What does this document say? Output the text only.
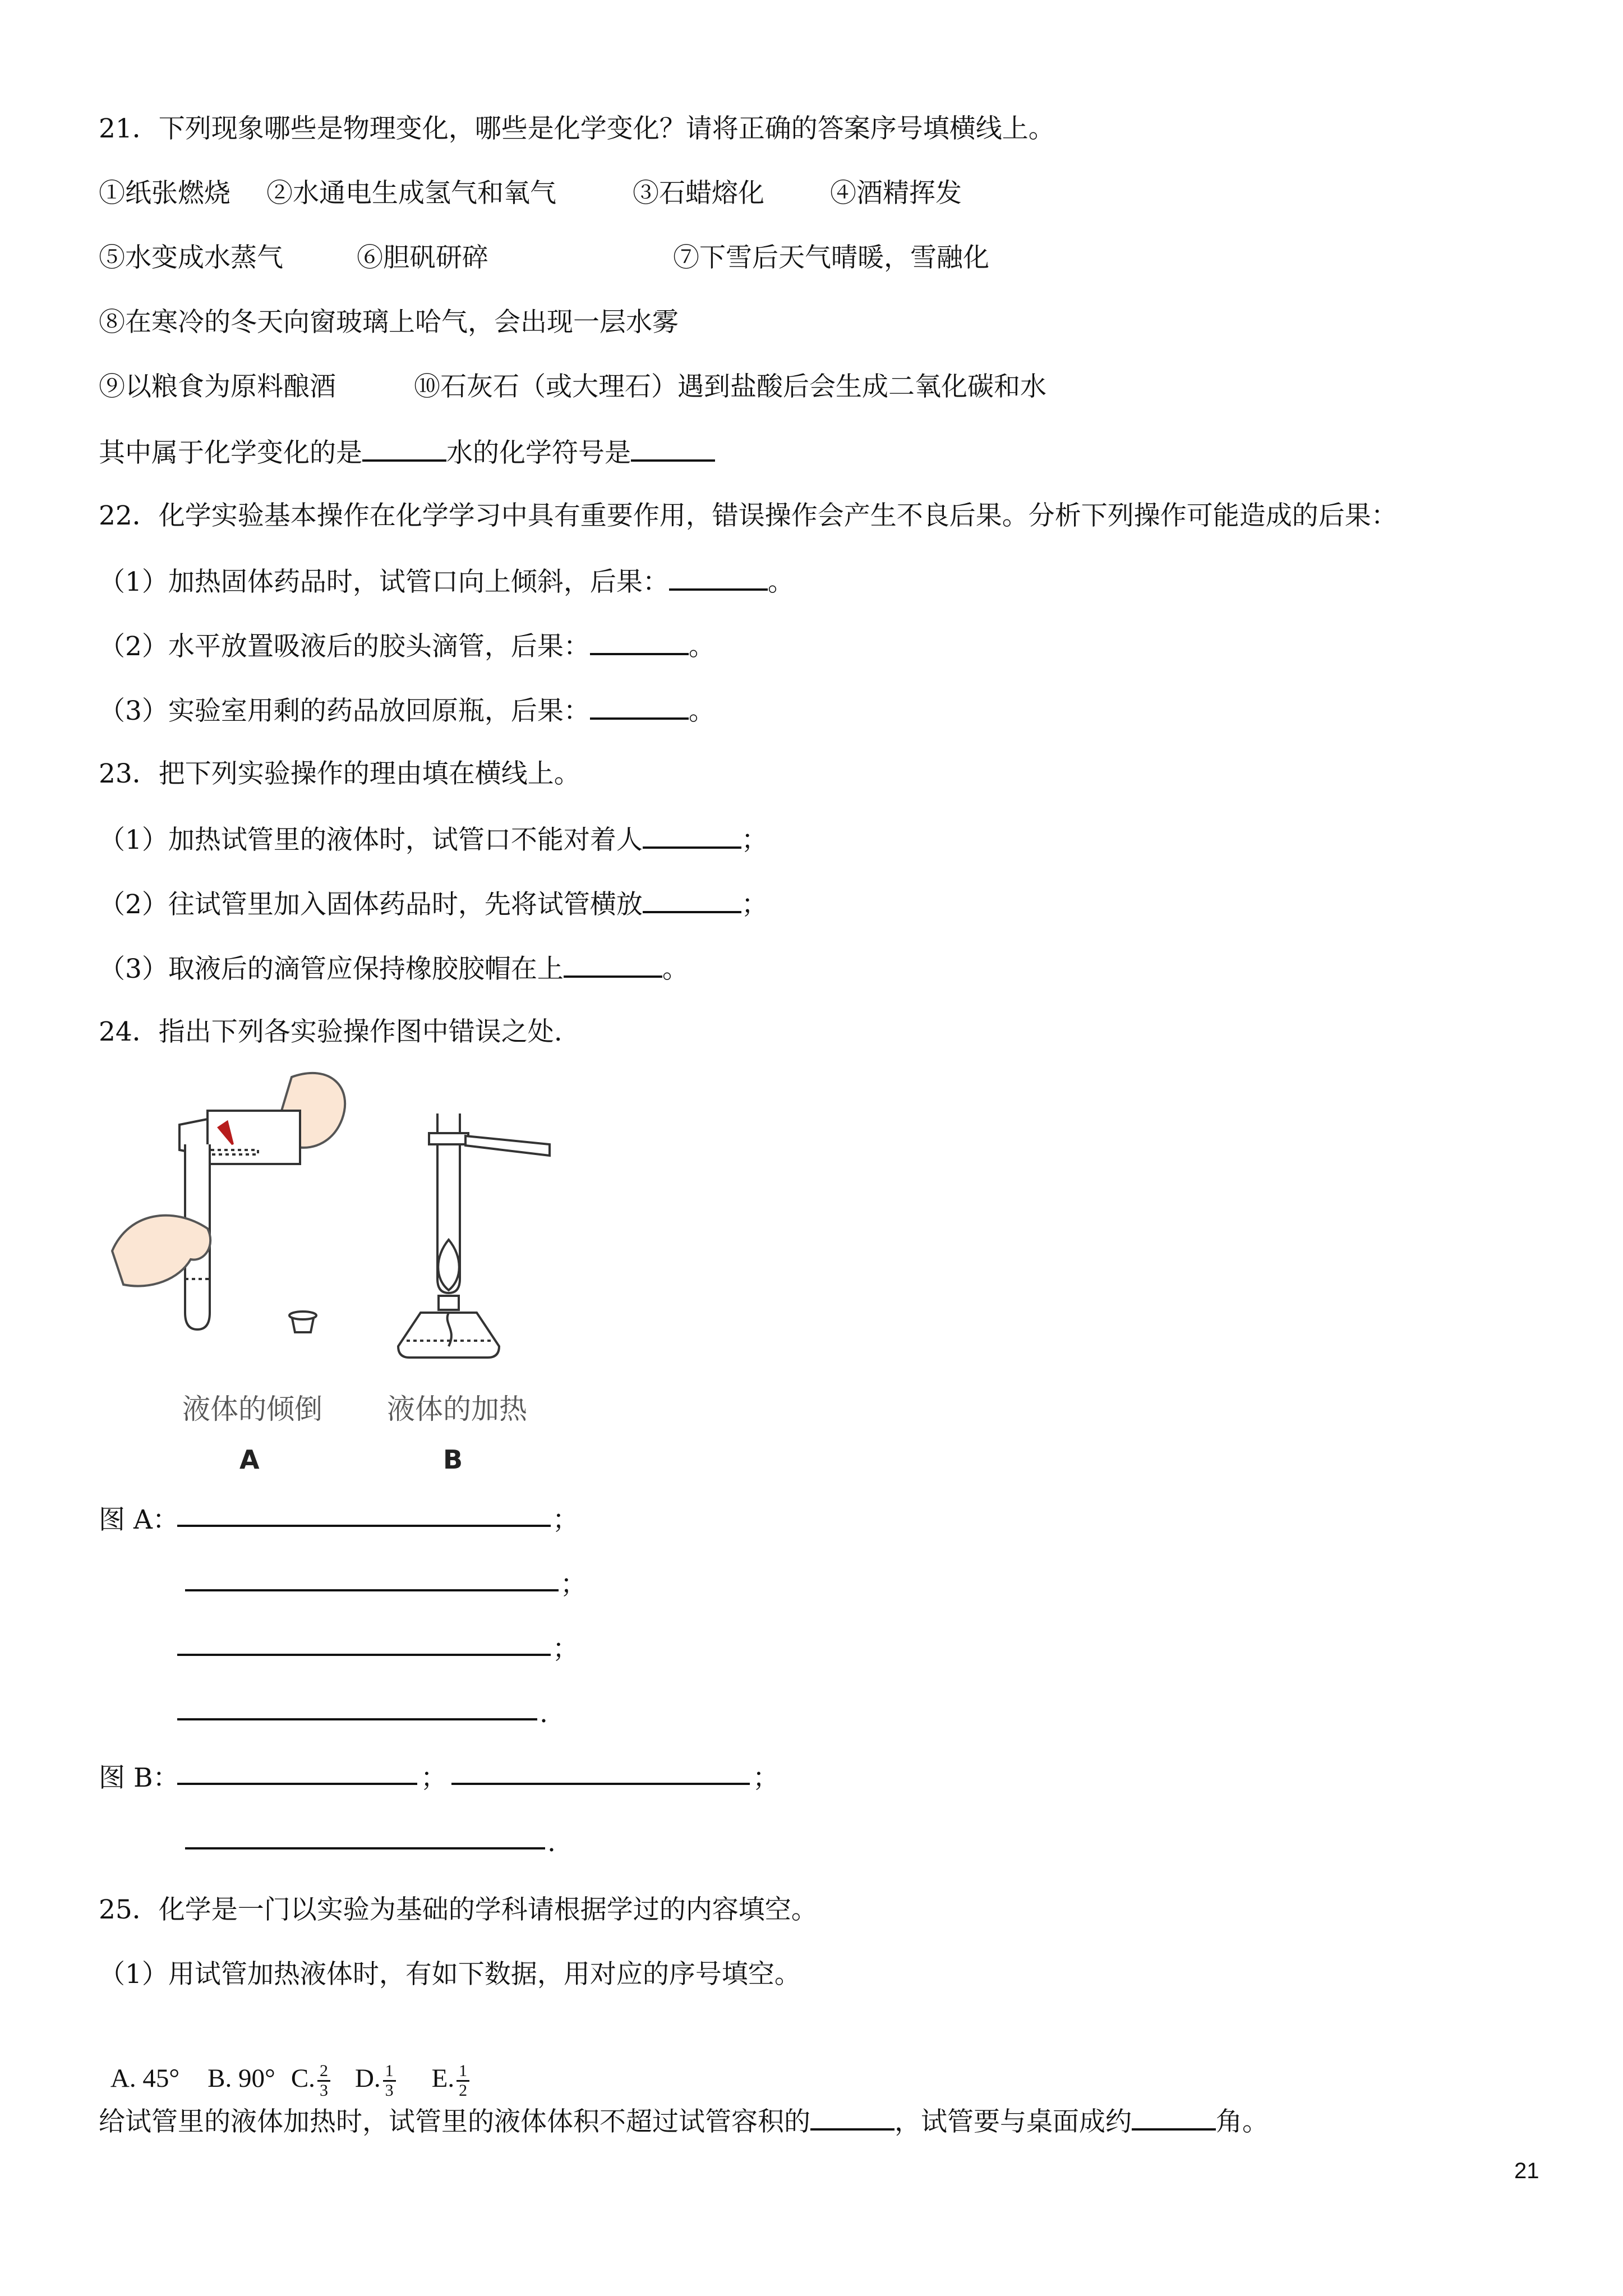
21．下列现象哪些是物理变化，哪些是化学变化？请将正确的答案序号填横线上。
①纸张燃烧 ②水通电生成氢气和氧气	③石蜡熔化 ④酒精挥发
⑤水变成水蒸气	⑥胆矾研碎	⑦下雪后天气晴暖，雪融化
⑧在寒冷的冬天向窗玻璃上哈气，会出现一层水雾
⑨以粮食为原料酿酒	⑩石灰石（或大理石）遇到盐酸后会生成二氧化碳和水
其中属于化学变化的是	水的化学符号是
22．化学实验基本操作在化学学习中具有重要作用，错误操作会产生不良后果。分析下列操作可能造成的后果：
（1）加热固体药品时，试管口向上倾斜，后果：	。
（2）水平放置吸液后的胶头滴管，后果：	。
（3）实验室用剩的药品放回原瓶，后果：	。
23．把下列实验操作的理由填在横线上。
（1）加热试管里的液体时，试管口不能对着人	；
（2）往试管里加入固体药品时，先将试管横放	；
（3）取液后的滴管应保持橡胶胶帽在上	。
24．指出下列各实验操作图中错误之处.
液体的倾倒 液体的加热
A	B
图 A：	；
；
；
.
图 B：	；	；
.
25．化学是一门以实验为基础的学科请根据学过的内容填空。
（1）用试管加热液体时，有如下数据，用对应的序号填空。

A. 45° B. 90° C. $\frac{2}{3} D$. $\frac{1}{3} E$. $\frac{1}{2}$

给试管里的液体加热时，试管里的液体体积不超过试管容积的	，试管要与桌面成约	角。
21
